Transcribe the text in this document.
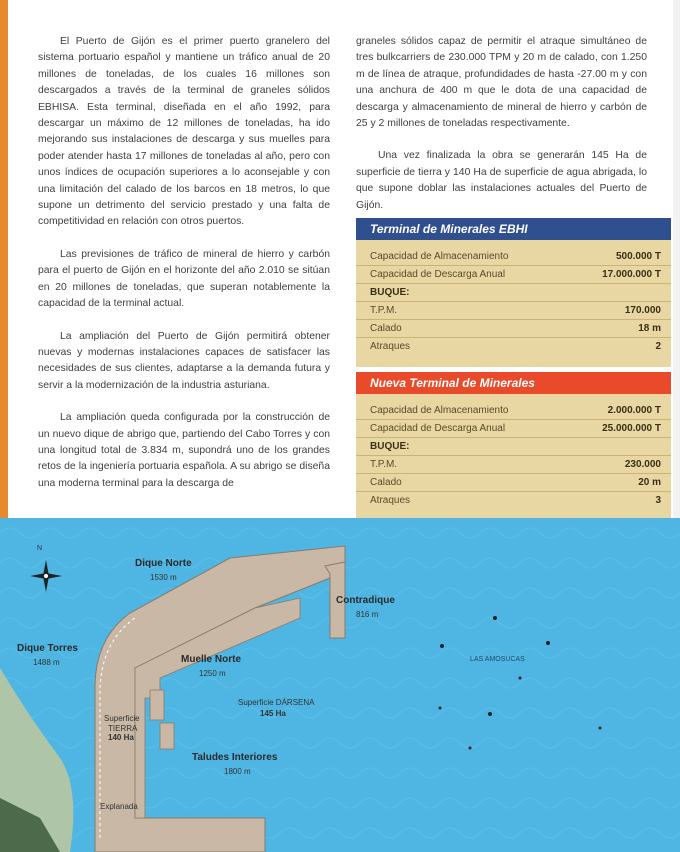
El Puerto de Gijón es el primer puerto granelero del sistema portuario español y mantiene un tráfico anual de 20 millones de toneladas, de los cuales 16 millones son descargados a través de la terminal de graneles sólidos EBHISA. Esta terminal, diseñada en el año 1992, para descargar un máximo de 12 millones de toneladas, ha ido mejorando sus instalaciones de descarga y sus muelles para poder atender hasta 17 millones de toneladas al año, pero con unos índices de ocupación superiores a lo aconsejable y con una limitación del calado de los barcos en 18 metros, lo que supone un detrimento del servicio prestado y una falta de competitividad en relación con otros puertos.

Las previsiones de tráfico de mineral de hierro y carbón para el puerto de Gijón en el horizonte del año 2.010 se sitúan en 20 millones de toneladas, que superan notablemente la capacidad de la terminal actual.

La ampliación del Puerto de Gijón permitirá obtener nuevas y modernas instalaciones capaces de satisfacer las necesidades de sus clientes, adaptarse a la demanda futura y servir a la modernización de la industria asturiana.

La ampliación queda configurada por la construcción de un nuevo dique de abrigo que, partiendo del Cabo Torres y con una longitud total de 3.834 m, supondrá uno de los grandes retos de la ingeniería portuaria española. A su abrigo se diseña una moderna terminal para la descarga de

graneles sólidos capaz de permitir el atraque simultáneo de tres bulkcarriers de 230.000 TPM y 20 m de calado, con 1.250 m de línea de atraque, profundidades de hasta -27.00 m y con una anchura de 400 m que le dota de una capacidad de descarga y almacenamiento de mineral de hierro y carbón de 25 y 2 millones de toneladas respectivamente.

Una vez finalizada la obra se generarán 145 Ha de superficie de tierra y 140 Ha de superficie de agua abrigada, lo que supone doblar las instalaciones actuales del Puerto de Gijón.

Terminal de Minerales EBHI
Capacidad de Almacenamiento	500.000 T
Capacidad de Descarga Anual	17.000.000 T
BUQUE:
T.P.M.	170.000
Calado	18 m
Atraques	2
Nueva Terminal de Minerales
Capacidad de Almacenamiento	2.000.000 T
Capacidad de Descarga Anual	25.000.000 T
BUQUE:
T.P.M.	230.000
Calado	20 m
Atraques	3
Dique Norte
1530 m
Contradique
816 m
Dique Torres
1488 m	Muelle Norte
1250 m
Superficie DÁRSENA
145 Ha
Superficie
TIERRA
140 Ha
Taludes Interiores
1800 m
Explanada
LAS AMOSUCAS
N
